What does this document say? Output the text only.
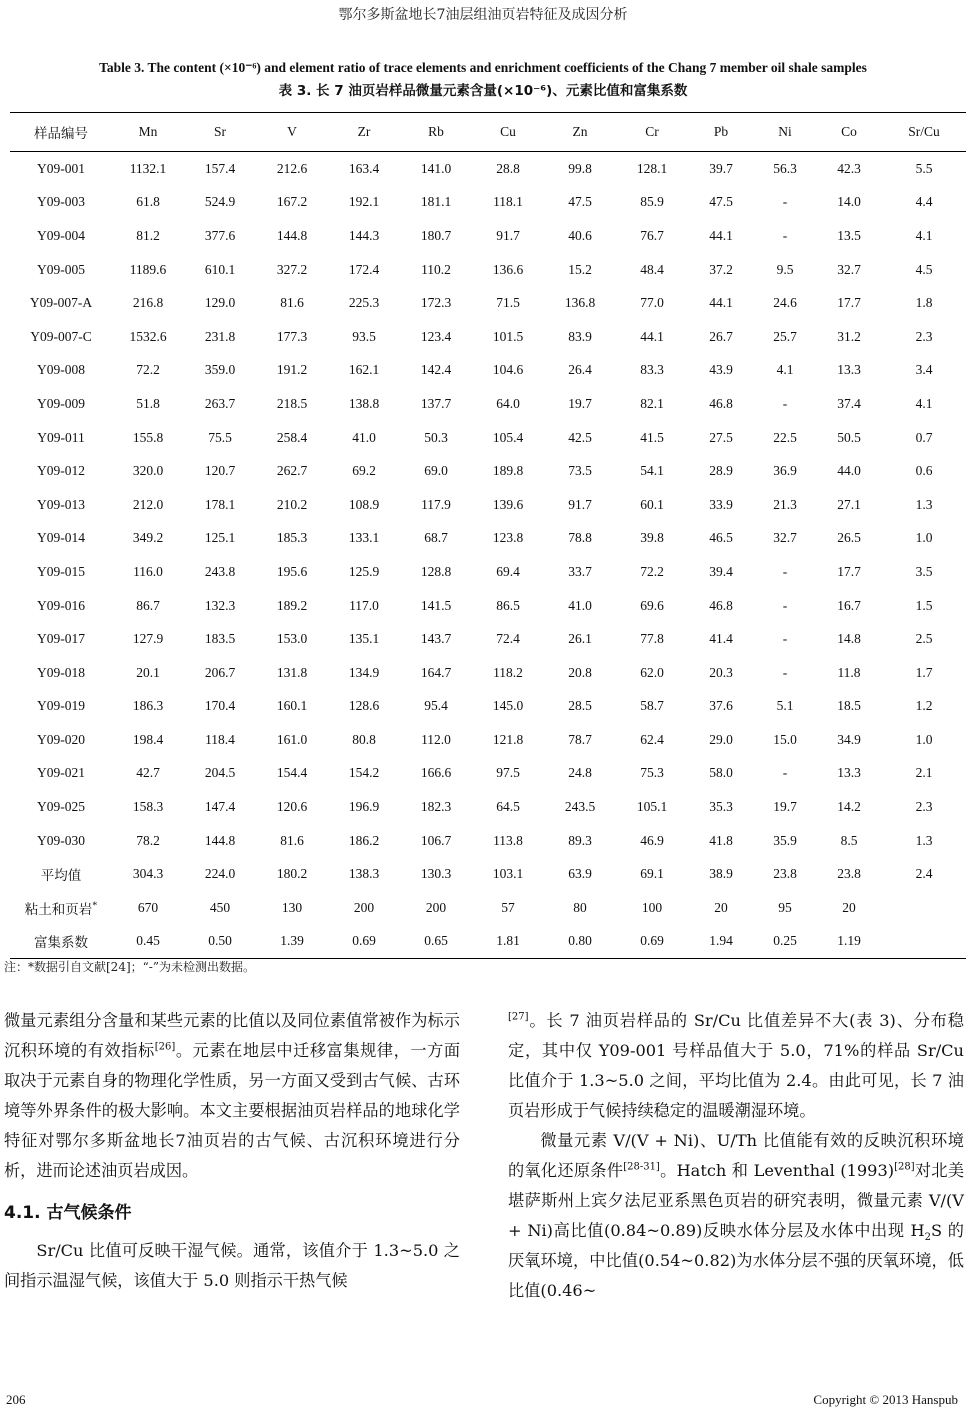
鄂尔多斯盆地长7油层组油页岩特征及成因分析
Table 3. The content (×10⁻⁶) and element ratio of trace elements and enrichment coefficients of the Chang 7 member oil shale samples
表 3. 长 7 油页岩样品微量元素含量(×10⁻⁶)、元素比值和富集系数
样品编号	Mn	Sr	V	Zr	Rb	Cu	Zn	Cr	Pb	Ni	Co	Sr/Cu
Y09-001	1132.1	157.4	212.6	163.4	141.0	28.8	99.8	128.1	39.7	56.3	42.3	5.5
Y09-003	61.8	524.9	167.2	192.1	181.1	118.1	47.5	85.9	47.5	-	14.0	4.4
Y09-004	81.2	377.6	144.8	144.3	180.7	91.7	40.6	76.7	44.1	-	13.5	4.1
Y09-005	1189.6	610.1	327.2	172.4	110.2	136.6	15.2	48.4	37.2	9.5	32.7	4.5
Y09-007-A	216.8	129.0	81.6	225.3	172.3	71.5	136.8	77.0	44.1	24.6	17.7	1.8
Y09-007-C	1532.6	231.8	177.3	93.5	123.4	101.5	83.9	44.1	26.7	25.7	31.2	2.3
Y09-008	72.2	359.0	191.2	162.1	142.4	104.6	26.4	83.3	43.9	4.1	13.3	3.4
Y09-009	51.8	263.7	218.5	138.8	137.7	64.0	19.7	82.1	46.8	-	37.4	4.1
Y09-011	155.8	75.5	258.4	41.0	50.3	105.4	42.5	41.5	27.5	22.5	50.5	0.7
Y09-012	320.0	120.7	262.7	69.2	69.0	189.8	73.5	54.1	28.9	36.9	44.0	0.6
Y09-013	212.0	178.1	210.2	108.9	117.9	139.6	91.7	60.1	33.9	21.3	27.1	1.3
Y09-014	349.2	125.1	185.3	133.1	68.7	123.8	78.8	39.8	46.5	32.7	26.5	1.0
Y09-015	116.0	243.8	195.6	125.9	128.8	69.4	33.7	72.2	39.4	-	17.7	3.5
Y09-016	86.7	132.3	189.2	117.0	141.5	86.5	41.0	69.6	46.8	-	16.7	1.5
Y09-017	127.9	183.5	153.0	135.1	143.7	72.4	26.1	77.8	41.4	-	14.8	2.5
Y09-018	20.1	206.7	131.8	134.9	164.7	118.2	20.8	62.0	20.3	-	11.8	1.7
Y09-019	186.3	170.4	160.1	128.6	95.4	145.0	28.5	58.7	37.6	5.1	18.5	1.2
Y09-020	198.4	118.4	161.0	80.8	112.0	121.8	78.7	62.4	29.0	15.0	34.9	1.0
Y09-021	42.7	204.5	154.4	154.2	166.6	97.5	24.8	75.3	58.0	-	13.3	2.1
Y09-025	158.3	147.4	120.6	196.9	182.3	64.5	243.5	105.1	35.3	19.7	14.2	2.3
Y09-030	78.2	144.8	81.6	186.2	106.7	113.8	89.3	46.9	41.8	35.9	8.5	1.3
平均值	304.3	224.0	180.2	138.3	130.3	103.1	63.9	69.1	38.9	23.8	23.8	2.4
粘土和页岩*	670	450	130	200	200	57	80	100	20	95	20	
富集系数	0.45	0.50	1.39	0.69	0.65	1.81	0.80	0.69	1.94	0.25	1.19	
注：*数据引自文献[24]；“-”为未检测出数据。

微量元素组分含量和某些元素的比值以及同位素值常被作为标示沉积环境的有效指标[26]。元素在地层中迁移富集规律，一方面取决于元素自身的物理化学性质，另一方面又受到古气候、古环境等外界条件的极大影响。本文主要根据油页岩样品的地球化学特征对鄂尔多斯盆地长7油页岩的古气候、古沉积环境进行分析，进而论述油页岩成因。

4.1. 古气候条件

Sr/Cu 比值可反映干湿气候。通常，该值介于 1.3~5.0 之间指示温湿气候，该值大于 5.0 则指示干热气候

[27]。长 7 油页岩样品的 Sr/Cu 比值差异不大(表 3)、分布稳定，其中仅 Y09-001 号样品值大于 5.0，71%的样品 Sr/Cu 比值介于 1.3~5.0 之间，平均比值为 2.4。由此可见，长 7 油页岩形成于气候持续稳定的温暖潮湿环境。

微量元素 V/(V + Ni)、U/Th 比值能有效的反映沉积环境的氧化还原条件[28-31]。Hatch 和 Leventhal (1993)[28]对北美堪萨斯州上宾夕法尼亚系黑色页岩的研究表明，微量元素 V/(V + Ni)高比值(0.84~0.89)反映水体分层及水体中出现 $H_2S$ 的厌氧环境，中比值(0.54~0.82)为水体分层不强的厌氧环境，低比值(0.46~

206	Copyright © 2013 Hanspub
